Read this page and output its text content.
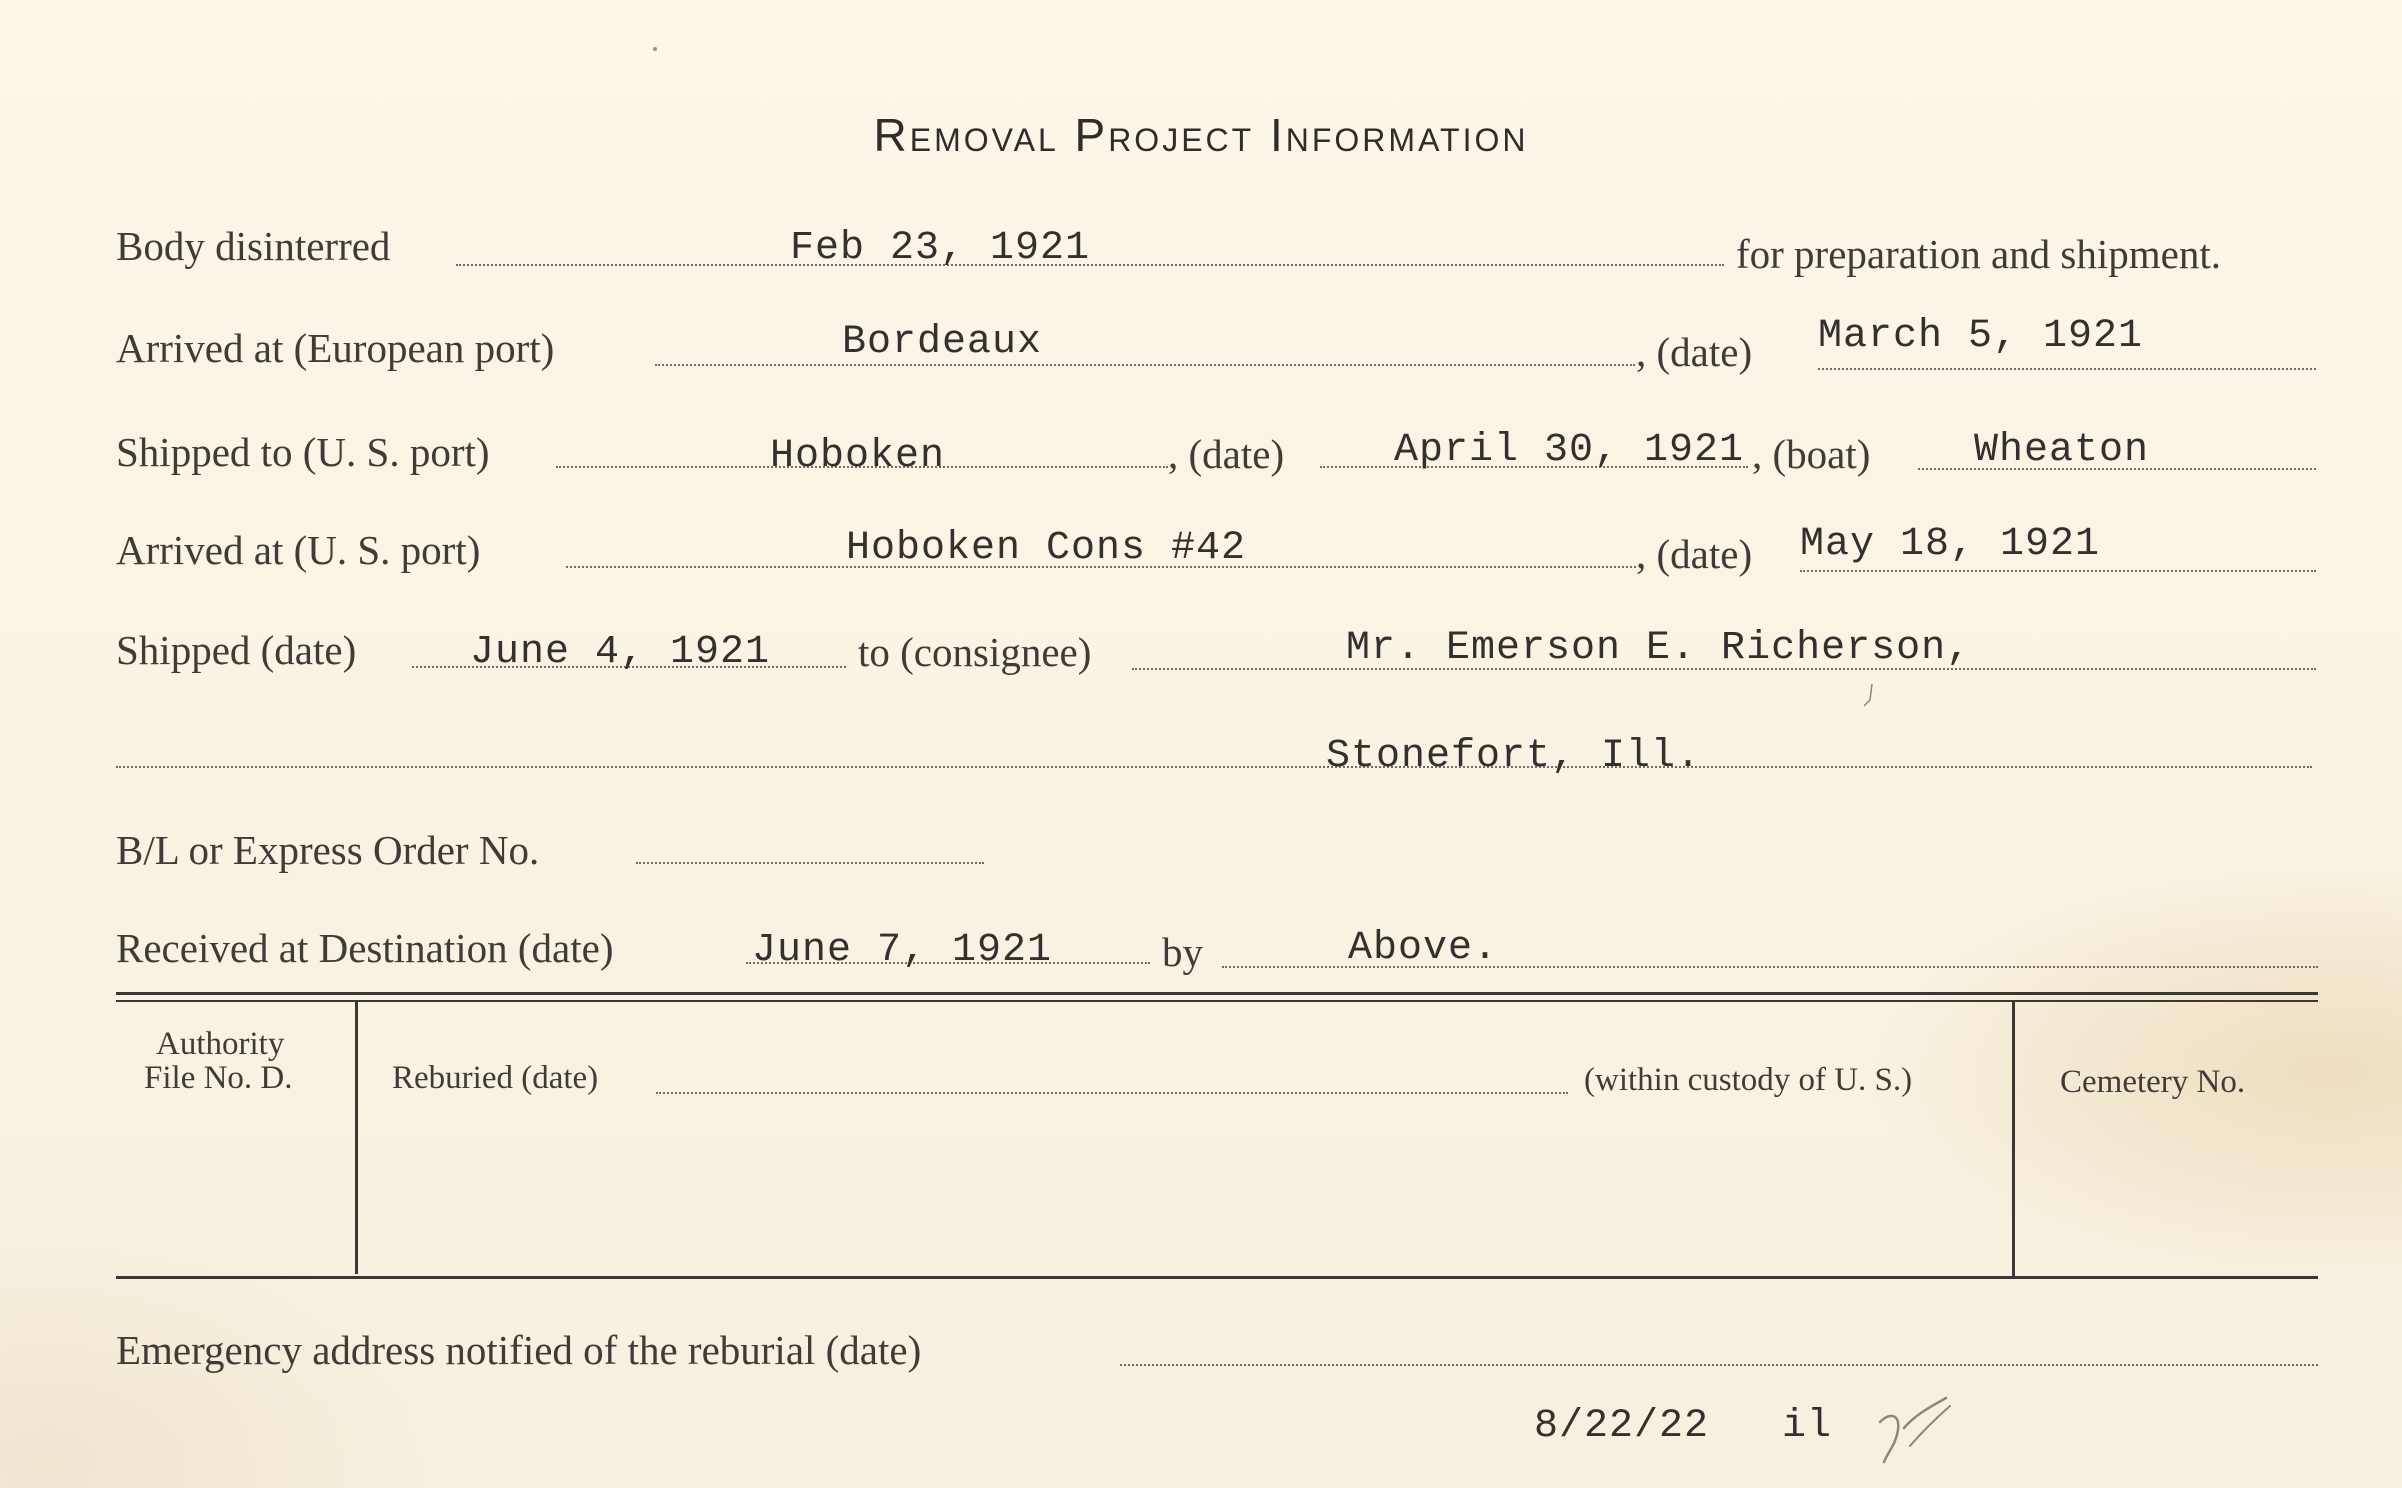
Removal Project Information
Body disinterred	Feb 23, 1921	for preparation and shipment.
Arrived at (European port)	Bordeaux	, (date) March 5, 1921
Shipped to (U. S. port)	Hoboken	, (date)	April 30, 1921 , (boat)	Wheaton
Arrived at (U. S. port)	Hoboken Cons #42	, (date) May 18, 1921
Shipped (date)	June 4, 1921 to (consignee)	Mr. Emerson E. Richerson,
Stonefort, Ill.
B/L or Express Order No.
Received at Destination (date)	June 7, 1921	by	Above.
Authority
File No. D.	Reburied (date)	(within custody of U. S.)	Cemetery No.
Emergency address notified of the reburial (date)
8/22/22 il
